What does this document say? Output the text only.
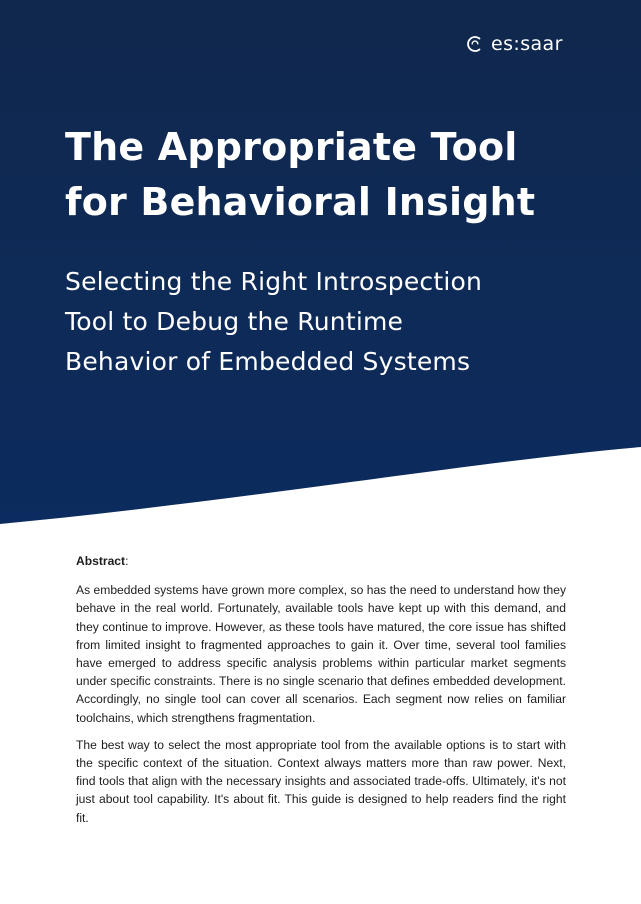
es:saar
The Appropriate Tool
for Behavioral Insight
Selecting the Right Introspection
Tool to Debug the Runtime
Behavior of Embedded Systems
Abstract:

As embedded systems have grown more complex, so has the need to understand how they behave in the real world. Fortunately, available tools have kept up with this demand, and they continue to improve. However, as these tools have matured, the core issue has shifted from limited insight to fragmented approaches to gain it. Over time, several tool families have emerged to address specific analysis problems within particular market segments under specific constraints. There is no single scenario that defines embedded development. Accordingly, no single tool can cover all scenarios. Each segment now relies on familiar toolchains, which strengthens fragmentation.

The best way to select the most appropriate tool from the available options is to start with the specific context of the situation. Context always matters more than raw power. Next, find tools that align with the necessary insights and associated trade-offs. Ultimately, it's not just about tool capability. It's about fit. This guide is designed to help readers find the right fit.
